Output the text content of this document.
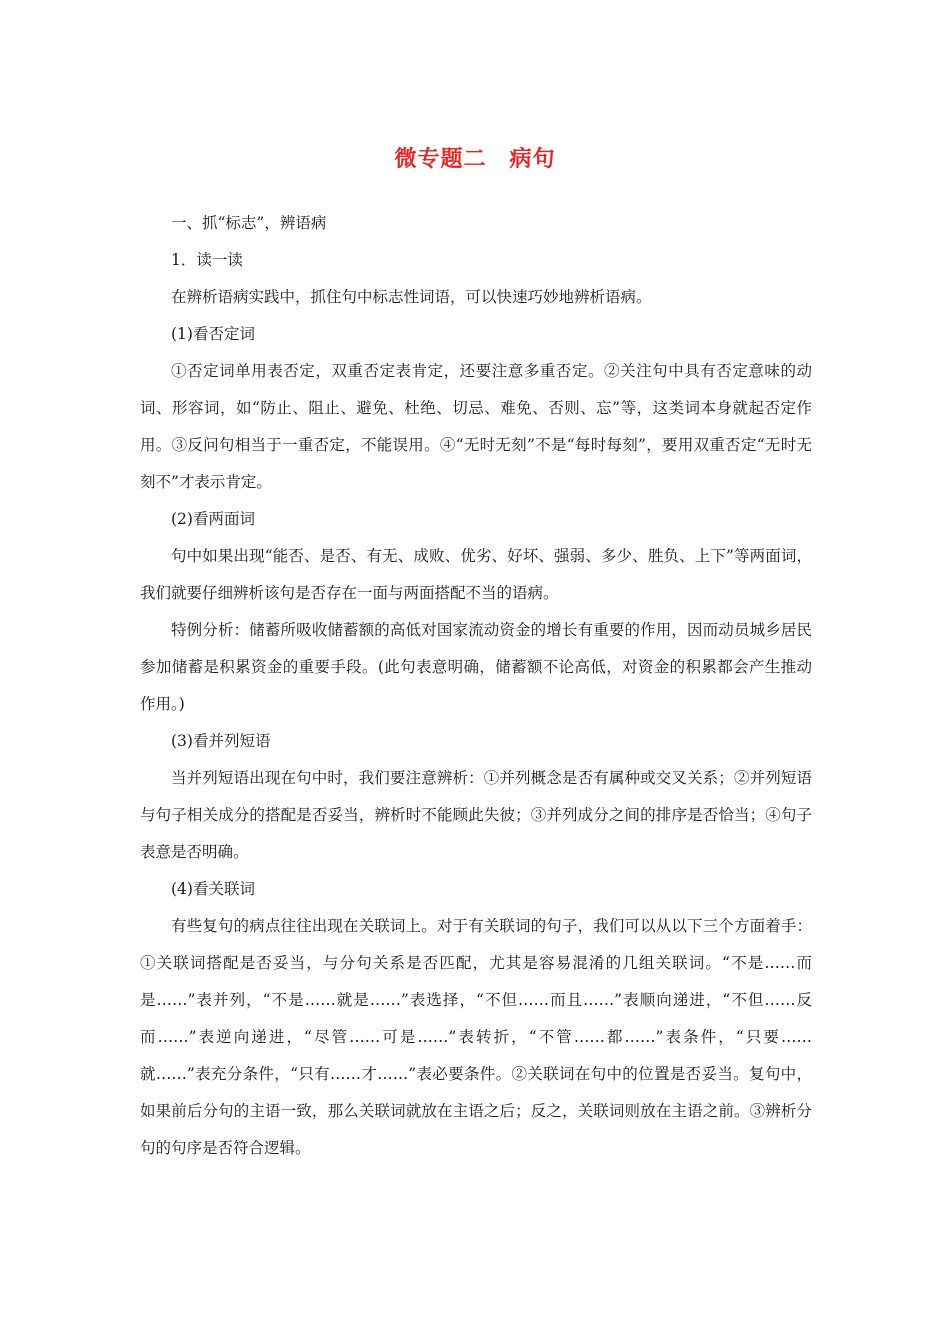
微专题二　病句

一、抓“标志”，辨语病

1．读一读

在辨析语病实践中，抓住句中标志性词语，可以快速巧妙地辨析语病。

(1)看否定词

①否定词单用表否定，双重否定表肯定，还要注意多重否定。②关注句中具有否定意味的动词、形容词，如“防止、阻止、避免、杜绝、切忌、难免、否则、忘”等，这类词本身就起否定作用。③反问句相当于一重否定，不能误用。④“无时无刻”不是“每时每刻”，要用双重否定“无时无刻不”才表示肯定。

(2)看两面词

句中如果出现“能否、是否、有无、成败、优劣、好坏、强弱、多少、胜负、上下”等两面词，我们就要仔细辨析该句是否存在一面与两面搭配不当的语病。

特例分析：储蓄所吸收储蓄额的高低对国家流动资金的增长有重要的作用，因而动员城乡居民参加储蓄是积累资金的重要手段。(此句表意明确，储蓄额不论高低，对资金的积累都会产生推动作用。)

(3)看并列短语

当并列短语出现在句中时，我们要注意辨析：①并列概念是否有属种或交叉关系；②并列短语与句子相关成分的搭配是否妥当，辨析时不能顾此失彼；③并列成分之间的排序是否恰当；④句子表意是否明确。

(4)看关联词

有些复句的病点往往出现在关联词上。对于有关联词的句子，我们可以从以下三个方面着手：①关联词搭配是否妥当，与分句关系是否匹配，尤其是容易混淆的几组关联词。“不是……而是……”表并列，“不是……就是……”表选择，“不但……而且……”表顺向递进，“不但……反而……”表逆向递进，“尽管……可是……”表转折，“不管……都……”表条件，“只要……就……”表充分条件，“只有……才……”表必要条件。②关联词在句中的位置是否妥当。复句中，如果前后分句的主语一致，那么关联词就放在主语之后；反之，关联词则放在主语之前。③辨析分句的句序是否符合逻辑。
